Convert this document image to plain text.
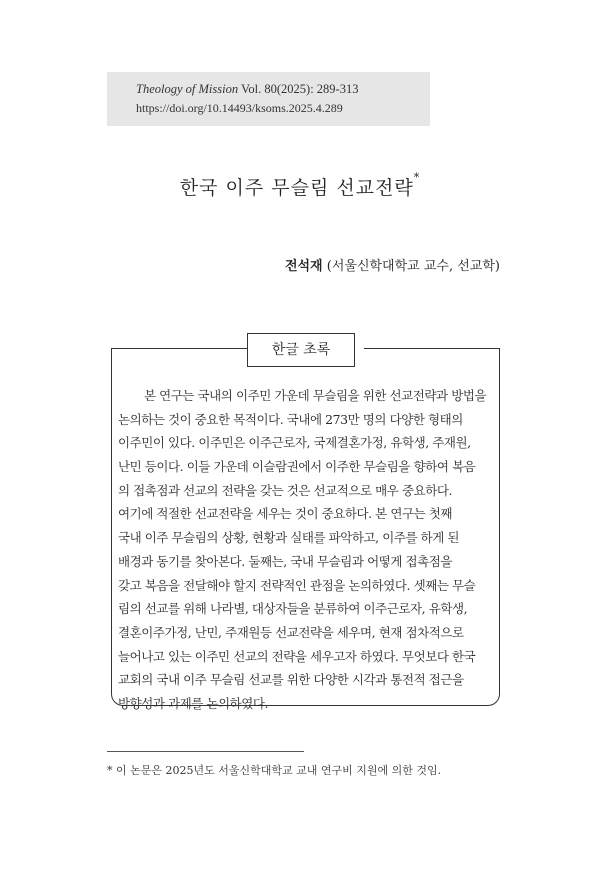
Theology of Mission Vol. 80(2025): 289-313
https://doi.org/10.14493/ksoms.2025.4.289
한국 이주 무슬림 선교전략*
전석재 (서울신학대학교 교수, 선교학)
한글 초록
본 연구는 국내의 이주민 가운데 무슬림을 위한 선교전략과 방법을
논의하는 것이 중요한 목적이다. 국내에 273만 명의 다양한 형태의
이주민이 있다. 이주민은 이주근로자, 국제결혼가정, 유학생, 주재원,
난민 등이다. 이들 가운데 이슬람권에서 이주한 무슬림을 향하여 복음
의 접촉점과 선교의 전략을 갖는 것은 선교적으로 매우 중요하다.
여기에 적절한 선교전략을 세우는 것이 중요하다. 본 연구는 첫째
국내 이주 무슬림의 상황, 현황과 실태를 파악하고, 이주를 하게 된
배경과 동기를 찾아본다. 둘째는, 국내 무슬림과 어떻게 접촉점을
갖고 복음을 전달해야 할지 전략적인 관점을 논의하였다. 셋째는 무슬
림의 선교를 위해 나라별, 대상자들을 분류하여 이주근로자, 유학생,
결혼이주가정, 난민, 주재원등 선교전략을 세우며, 현재 점차적으로
늘어나고 있는 이주민 선교의 전략을 세우고자 하였다. 무엇보다 한국
교회의 국내 이주 무슬림 선교를 위한 다양한 시각과 통전적 접근을
방향성과 과제를 논의하였다.
* 이 논문은 2025년도 서울신학대학교 교내 연구비 지원에 의한 것임.
